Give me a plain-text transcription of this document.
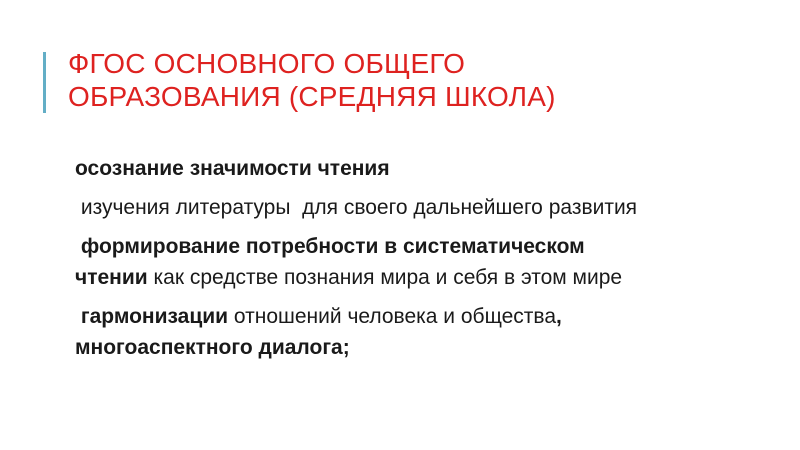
ФГОС ОСНОВНОГО ОБЩЕГО ОБРАЗОВАНИЯ (СРЕДНЯЯ ШКОЛА)

осознание значимости чтения

изучения литературы  для своего дальнейшего развития

формирование потребности в систематическом чтении как средстве познания мира и себя в этом мире

гармонизации отношений человека и общества, многоаспектного диалога;
